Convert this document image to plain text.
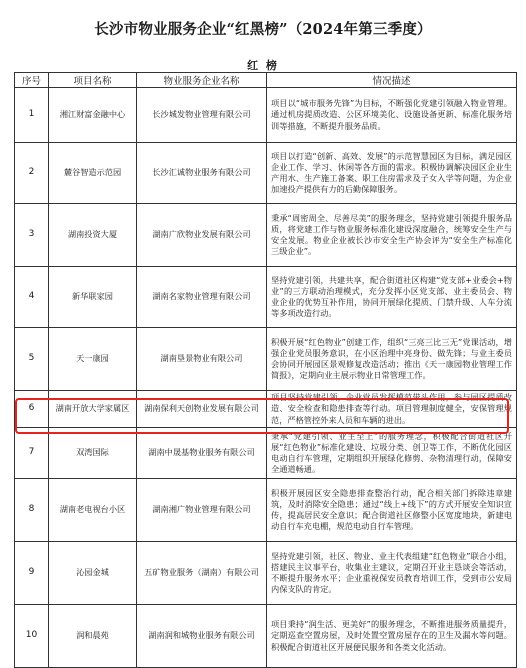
长沙市物业服务企业“红黑榜”（2024年第三季度）
红 榜
序号	项目名称	物业服务企业名称	情况描述
1	湘江财富金融中心	长沙城发物业管理有限公司	项目以“城市服务先锋”为目标，不断强化党建引领融入物业管理。通过机房提质改造、公区环境美化、设施设备更新、标准化服务培训等措施，不断提升服务品质。
2	麓谷智造示范园	长沙汇诚物业服务有限公司	项目以打造“创新、高效、发展”的示范智慧园区为目标，满足园区企业工作、学习、休闲等各方面的需求。积极协调解决园区企业生产用水、生产施工备案、职工住房需求及子女入学等问题，为企业加速投产提供有力的后勤保障服务。
3	湖南投资大厦	湖南广欣物业发展有限公司	秉承“周密周全、尽善尽美”的服务理念，坚持党建引领提升服务品质，将党建工作与物业服务标准化建设深度融合，统筹安全生产与安全发展。物业企业被长沙市安全生产协会评为“安全生产标准化三级企业”。
4	新华联家园	湖南名家物业管理有限公司	坚持党建引领，共建共享，配合街道社区构建“党支部+业委会+物业”的三方联动治理模式，充分发挥小区党支部、业主委员会、物业企业的优势互补作用，协同开展绿化提质、门禁升级、人车分流等多项改造行动。
5	天一康园	湖南垦景物业有限公司	积极开展“红色物业”创建工作，组织“三亮三比三无”党课活动，增强企业党员服务意识，在小区治理中亮身份、做先锋；与业主委员会协同开展园区景观修复改造活动；推出《天一康园物业管理工作简报》，定期向业主展示物业日常管理工作。
6	湖南开放大学家属区	湖南保利天创物业发展有限公司	项目坚持党建引领，企业党员发挥模范带头作用，参与园区提质改造、安全检查和隐患排查等行动。项目管理制度健全，安保管理规范，严格管控外来人员和车辆的进出。
7	双湾国际	湖南中晟基物业服务有限公司	秉承“党建引领、业主至上”的服务理念，积极配合街道社区开展“红色物业”标准化建设、垃圾分类、创卫等工作，不断优化园区电动自行车管理，定期组织开展绿化修剪、杂物清理行动，保障安全通道畅通。
8	湖南老电视台小区	湖南湘广物业管理有限公司	积极开展园区安全隐患排查整治行动，配合相关部门拆除违章建筑，及时消除安全隐患；通过“线上+线下”的方式开展安全知识宣传，提高居民安全意识；配合街道社区修整小区宽度地块，新建电动自行车充电棚，规范电动自行车管理。
9	沁园金城	五矿物业服务（湖南）有限公司	坚持党建引领，社区、物业、业主代表组建“红色物业”联合小组，搭建民主议事平台，收集业主建议，定期召开业主恳谈会等活动，不断提升服务水平；企业重视保安员教育培训工作，受到市公安局内保支队的肯定。
10	润和晨苑	湖南润和城物业服务有限公司	项目秉持“润生活、更美好”的服务理念，不断推进服务质量提升，定期巡查空置房屋，及时处置空置房屋存在的卫生及漏水等问题。积极配合街道社区开展便民服务和各类文化活动。
